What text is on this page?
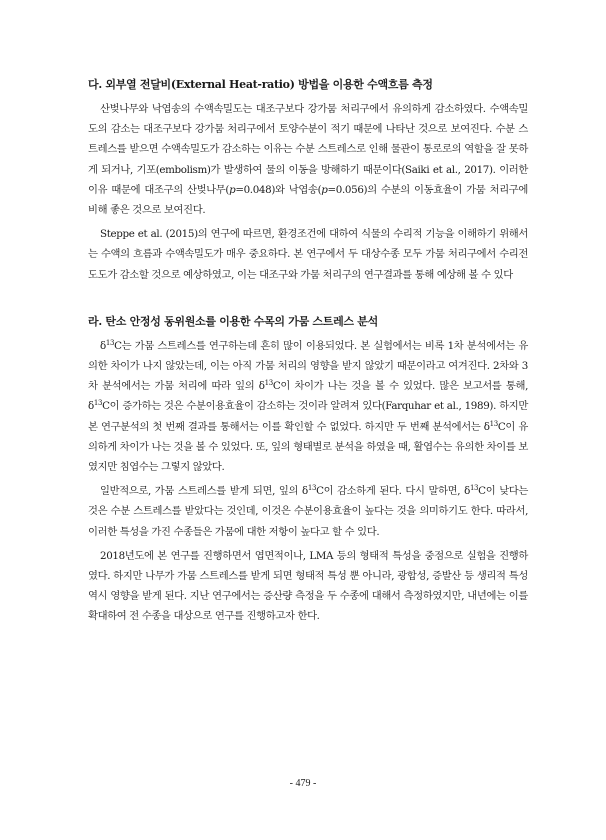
다. 외부열 전달비(External Heat-ratio) 방법을 이용한 수액흐름 측정

산벚나무와 낙엽송의 수액속밀도는 대조구보다 강가뭄 처리구에서 유의하게 감소하였다. 수액속밀도의 감소는 대조구보다 강가뭄 처리구에서 토양수분이 적기 때문에 나타난 것으로 보여진다. 수분 스트레스를 받으면 수액속밀도가 감소하는 이유는 수분 스트레스로 인해 물관이 통로로의 역할을 잘 못하게 되거나, 기포(embolism)가 발생하여 물의 이동을 방해하기 때문이다(Saiki et al., 2017). 이러한 이유 때문에 대조구의 산벚나무(p=0.048)와 낙엽송(p=0.056)의 수분의 이동효율이 가뭄 처리구에 비해 좋은 것으로 보여진다.

Steppe et al. (2015)의 연구에 따르면, 환경조건에 대하여 식물의 수리적 기능을 이해하기 위해서는 수액의 흐름과 수액속밀도가 매우 중요하다. 본 연구에서 두 대상수종 모두 가뭄 처리구에서 수리전도도가 감소할 것으로 예상하였고, 이는 대조구와 가뭄 처리구의 연구결과를 통해 예상해 볼 수 있다

라. 탄소 안정성 동위원소를 이용한 수목의 가뭄 스트레스 분석

$\delta^{13}C$는 가뭄 스트레스를 연구하는데 흔히 많이 이용되었다. 본 실험에서는 비록 1차 분석에서는 유의한 차이가 나지 않았는데, 이는 아직 가뭄 처리의 영향을 받지 않았기 때문이라고 여겨진다. 2차와 3차 분석에서는 가뭄 처리에 따라 잎의 $\delta^{13}C$이 차이가 나는 것을 볼 수 있었다. 많은 보고서를 통해, $\delta^{13}C$이 증가하는 것은 수분이용효율이 감소하는 것이라 알려져 있다(Farquhar et al., 1989). 하지만 본 연구분석의 첫 번째 결과를 통해서는 이를 확인할 수 없었다. 하지만 두 번째 분석에서는 $\delta^{13}C$이 유의하게 차이가 나는 것을 볼 수 있었다. 또, 잎의 형태별로 분석을 하였을 때, 활엽수는 유의한 차이를 보였지만 침엽수는 그렇지 않았다.

일반적으로, 가뭄 스트레스를 받게 되면, 잎의 $\delta^{13}C$이 감소하게 된다. 다시 말하면, $\delta^{13}C$이 낮다는 것은 수분 스트레스를 받았다는 것인데, 이것은 수분이용효율이 높다는 것을 의미하기도 한다. 따라서, 이러한 특성을 가진 수종들은 가뭄에 대한 저항이 높다고 할 수 있다.

2018년도에 본 연구를 진행하면서 엽면적이나, LMA 등의 형태적 특성을 중점으로 실험을 진행하였다. 하지만 나무가 가뭄 스트레스를 받게 되면 형태적 특성 뿐 아니라, 광합성, 증발산 등 생리적 특성 역시 영향을 받게 된다. 지난 연구에서는 증산량 측정을 두 수종에 대해서 측정하였지만, 내년에는 이를 확대하여 전 수종을 대상으로 연구를 진행하고자 한다.

- 479 -
